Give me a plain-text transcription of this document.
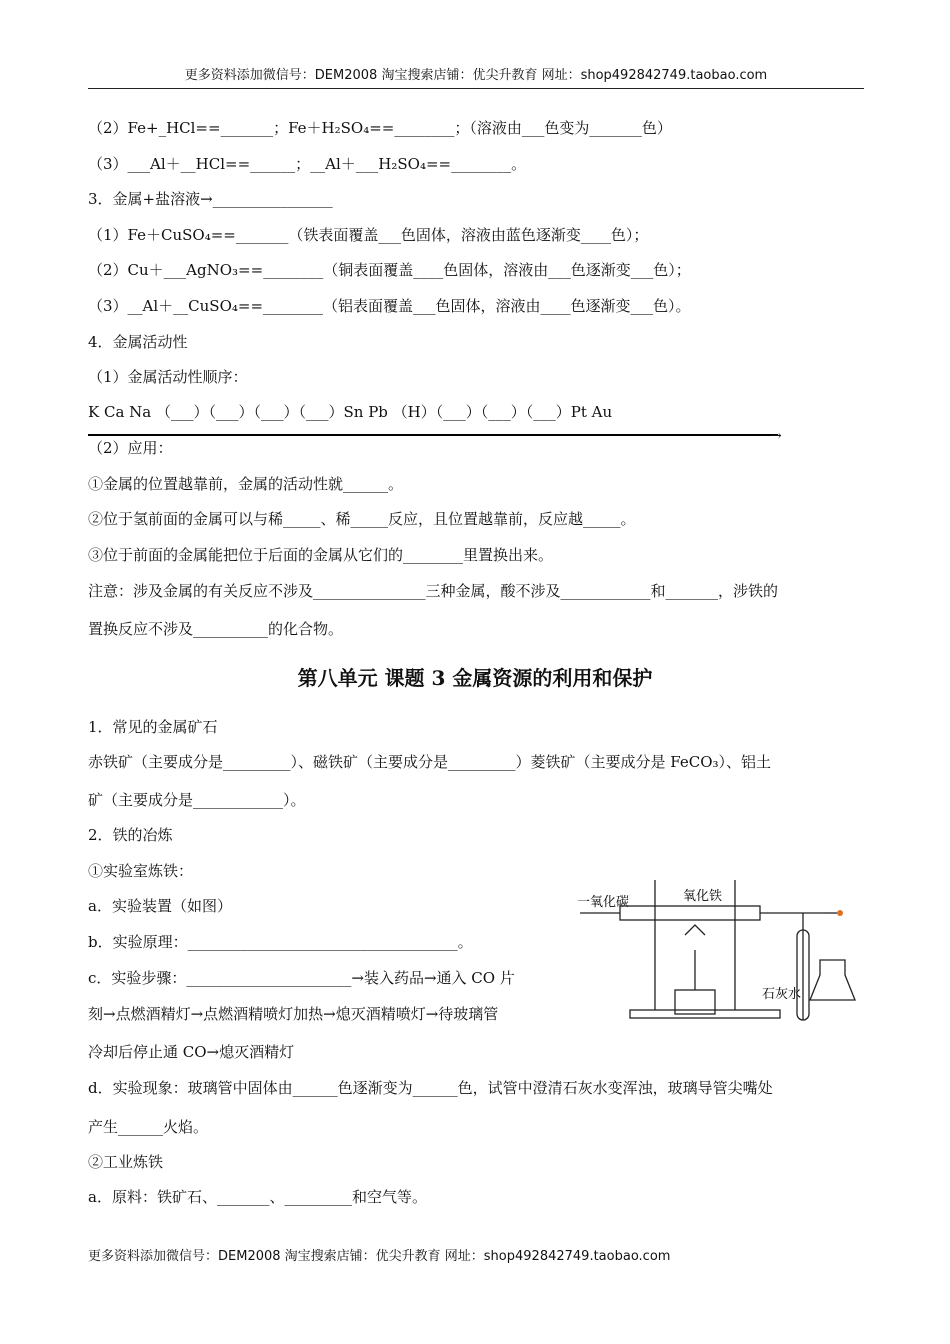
更多资料添加微信号：DEM2008 淘宝搜索店铺：优尖升教育 网址：shop492842749.taobao.com
（2）Fe+_HCl==_______；Fe＋H₂SO₄==________；（溶液由___色变为_______色）
（3）___Al＋__HCl==______；__Al＋___H₂SO₄==________。
3．金属+盐溶液→________________
（1）Fe＋CuSO₄==_______（铁表面覆盖___色固体，溶液由蓝色逐渐变____色）；
（2）Cu＋___AgNO₃==________（铜表面覆盖____色固体，溶液由___色逐渐变___色）；
（3）__Al＋__CuSO₄==________（铝表面覆盖___色固体，溶液由____色逐渐变___色）。
4．金属活动性
（1）金属活动性顺序：
K Ca Na （___）（___）（___）（___）Sn Pb （H）（___）（___）（___）Pt Au
→
（2）应用：
①金属的位置越靠前，金属的活动性就______。
②位于氢前面的金属可以与稀_____、稀_____反应，且位置越靠前，反应越_____。
③位于前面的金属能把位于后面的金属从它们的________里置换出来。
注意：涉及金属的有关反应不涉及_______________三种金属，酸不涉及____________和_______，涉铁的
置换反应不涉及__________的化合物。
第八单元 课题 3 金属资源的利用和保护
1．常见的金属矿石
赤铁矿（主要成分是_________）、磁铁矿（主要成分是_________）菱铁矿（主要成分是 FeCO₃）、铝土
矿（主要成分是____________）。
2．铁的冶炼
①实验室炼铁：
a．实验装置（如图）
b．实验原理：____________________________________。
c．实验步骤：______________________→装入药品→通入 CO 片
刻→点燃酒精灯→点燃酒精喷灯加热→熄灭酒精喷灯→待玻璃管
冷却后停止通 CO→熄灭酒精灯
d．实验现象：玻璃管中固体由______色逐渐变为______色，试管中澄清石灰水变浑浊，玻璃导管尖嘴处
产生______火焰。
②工业炼铁
a．原料：铁矿石、_______、_________和空气等。
一氧化碳	氧化铁
石灰水
更多资料添加微信号：DEM2008 淘宝搜索店铺：优尖升教育 网址：shop492842749.taobao.com
